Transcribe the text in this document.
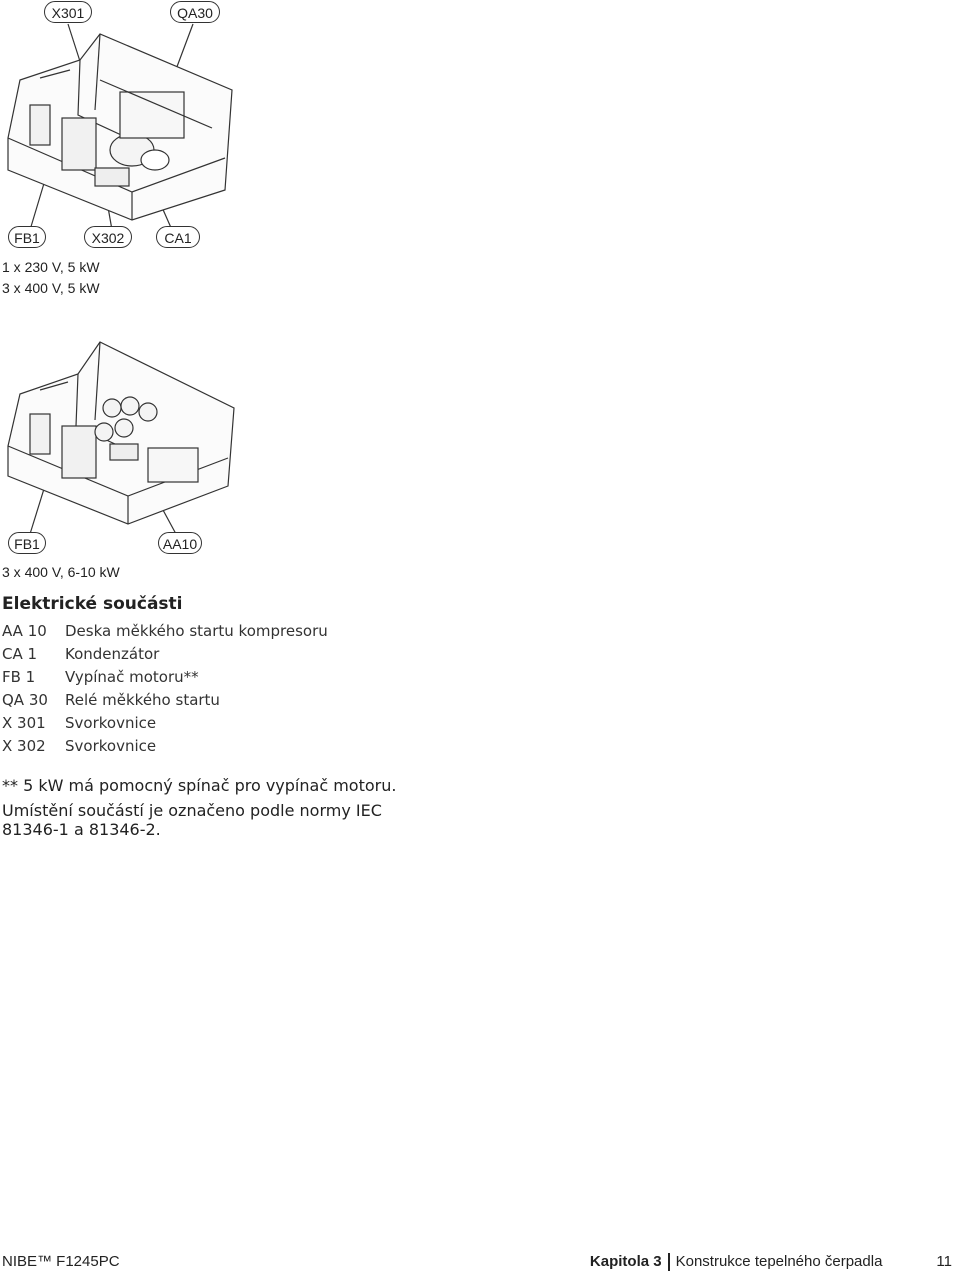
X301	QA30
FB1	X302	CA1
1 x 230 V, 5 kW
3 x 400 V, 5 kW
FB1	AA10
3 x 400 V, 6-10 kW
Elektrické součásti
AA 10	Deska měkkého startu kompresoru
CA 1	Kondenzátor
FB 1	Vypínač motoru**
QA 30	Relé měkkého startu
X 301	Svorkovnice
X 302	Svorkovnice

** 5 kW má pomocný spínač pro vypínač motoru.

Umístění součástí je označeno podle normy IEC 81346-1 a 81346-2.

NIBE™ F1245PC	Kapitola 3 Konstrukce tepelného čerpadla	11
